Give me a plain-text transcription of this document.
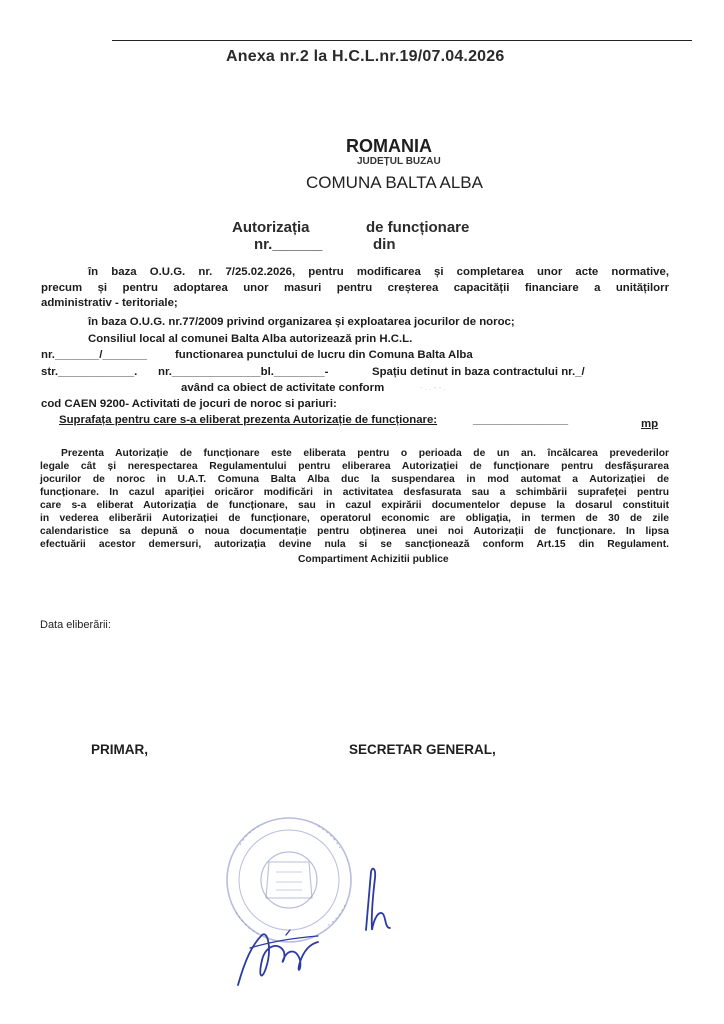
Anexa nr.2 la H.C.L.nr.19/07.04.2026
ROMANIA
JUDEȚUL BUZAU
COMUNA BALTA ALBA
Autorizația	de funcționare
nr.______	din
în baza O.U.G. nr. 7/25.02.2026, pentru modificarea și completarea unor acte normative,
precum și pentru adoptarea unor masuri pentru creșterea capacității financiare a unitățilorr
administrativ - teritoriale;
în baza O.U.G. nr.77/2009 privind organizarea și exploatarea jocurilor de noroc;
Consiliul local al comunei Balta Alba autorizează prin H.C.L.
nr._______/_______ functionarea punctului de lucru din Comuna Balta Alba
str.____________. nr.______________bl.________-	Spațiu detinut in baza contractului nr._/
având ca obiect de activitate conform	- . . - - .
cod CAEN 9200- Activitati de jocuri de noroc si pariuri:
Suprafața pentru care s-a eliberat prezenta Autorizație de funcționare:	_______________	mp
Prezenta Autorizație de funcționare este eliberata pentru o perioada de un an. încălcarea prevederilor
legale cât și nerespectarea Regulamentului pentru eliberarea Autorizației de funcționare pentru desfășurarea
jocurilor de noroc in U.A.T. Comuna Balta Alba duc la suspendarea in mod automat a Autorizației de
funcționare. In cazul apariției oricăror modificări in activitatea desfasurata sau a schimbării suprafeței pentru
care s-a eliberat Autorizația de funcționare, sau in cazul expirării documentelor depuse la dosarul constituit
in vederea eliberării Autorizației de funcționare, operatorul economic are obligația, in termen de 30 de zile
calendaristice sa depună o noua documentație pentru obținerea unei noi Autorizații de funcționare. In lipsa
efectuării acestor demersuri, autorizația devine nula si se sancționează conform Art.15 din Regulament.
Compartiment Achizitii publice
Data eliberării:
PRIMAR,	SECRETAR GENERAL,
